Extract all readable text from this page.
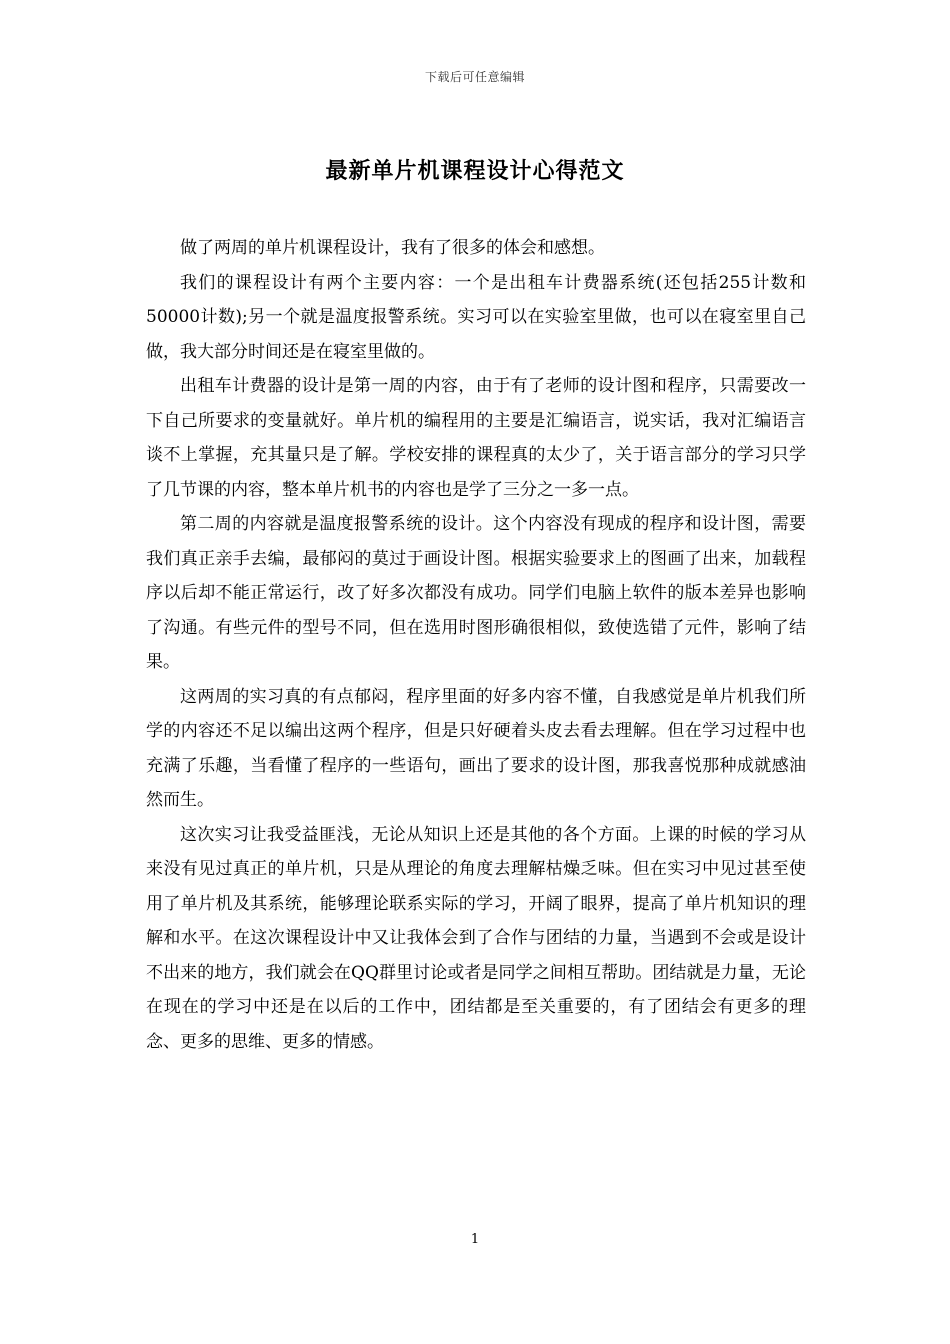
下载后可任意编辑
最新单片机课程设计心得范文

做了两周的单片机课程设计，我有了很多的体会和感想。

我们的课程设计有两个主要内容：一个是出租车计费器系统(还包括255计数和50000计数);另一个就是温度报警系统。实习可以在实验室里做，也可以在寝室里自己做，我大部分时间还是在寝室里做的。

出租车计费器的设计是第一周的内容，由于有了老师的设计图和程序，只需要改一下自己所要求的变量就好。单片机的编程用的主要是汇编语言，说实话，我对汇编语言谈不上掌握，充其量只是了解。学校安排的课程真的太少了，关于语言部分的学习只学了几节课的内容，整本单片机书的内容也是学了三分之一多一点。

第二周的内容就是温度报警系统的设计。这个内容没有现成的程序和设计图，需要我们真正亲手去编，最郁闷的莫过于画设计图。根据实验要求上的图画了出来，加载程序以后却不能正常运行，改了好多次都没有成功。同学们电脑上软件的版本差异也影响了沟通。有些元件的型号不同，但在选用时图形确很相似，致使选错了元件，影响了结果。

这两周的实习真的有点郁闷，程序里面的好多内容不懂，自我感觉是单片机我们所学的内容还不足以编出这两个程序，但是只好硬着头皮去看去理解。但在学习过程中也充满了乐趣，当看懂了程序的一些语句，画出了要求的设计图，那我喜悦那种成就感油然而生。

这次实习让我受益匪浅，无论从知识上还是其他的各个方面。上课的时候的学习从来没有见过真正的单片机，只是从理论的角度去理解枯燥乏味。但在实习中见过甚至使用了单片机及其系统，能够理论联系实际的学习，开阔了眼界，提高了单片机知识的理解和水平。在这次课程设计中又让我体会到了合作与团结的力量，当遇到不会或是设计不出来的地方，我们就会在QQ群里讨论或者是同学之间相互帮助。团结就是力量，无论在现在的学习中还是在以后的工作中，团结都是至关重要的，有了团结会有更多的理念、更多的思维、更多的情感。

1
